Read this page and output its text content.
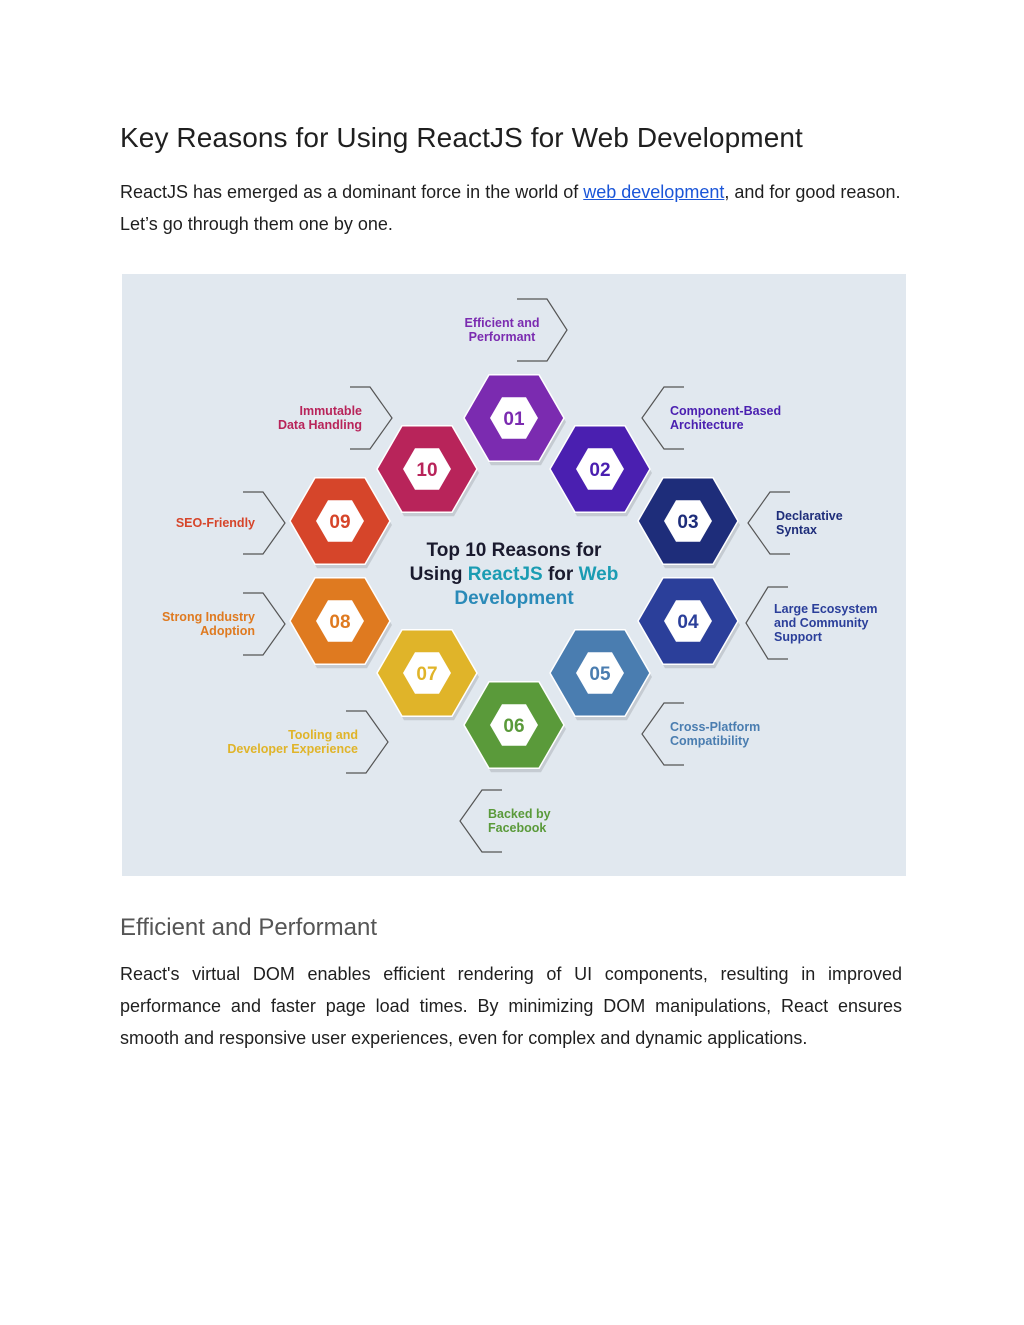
Key Reasons for Using ReactJS for Web Development

ReactJS has emerged as a dominant force in the world of web development, and for good reason. Let’s go through them one by one.

01
02
03
04
05
06
07
08
09
10
Efficient and
Performant
Component-Based
Architecture
Declarative
Syntax
Large Ecosystem
and Community
Support
Cross-Platform
Compatibility
Backed by
Facebook
Tooling and
Developer Experience
Strong Industry
Adoption
SEO-Friendly
Immutable
Data Handling
Top 10 Reasons for
Using ReactJS for Web
Development
Efficient and Performant

React's virtual DOM enables efficient rendering of UI components, resulting in improved performance and faster page load times. By minimizing DOM manipulations, React ensures smooth and responsive user experiences, even for complex and dynamic applications.
